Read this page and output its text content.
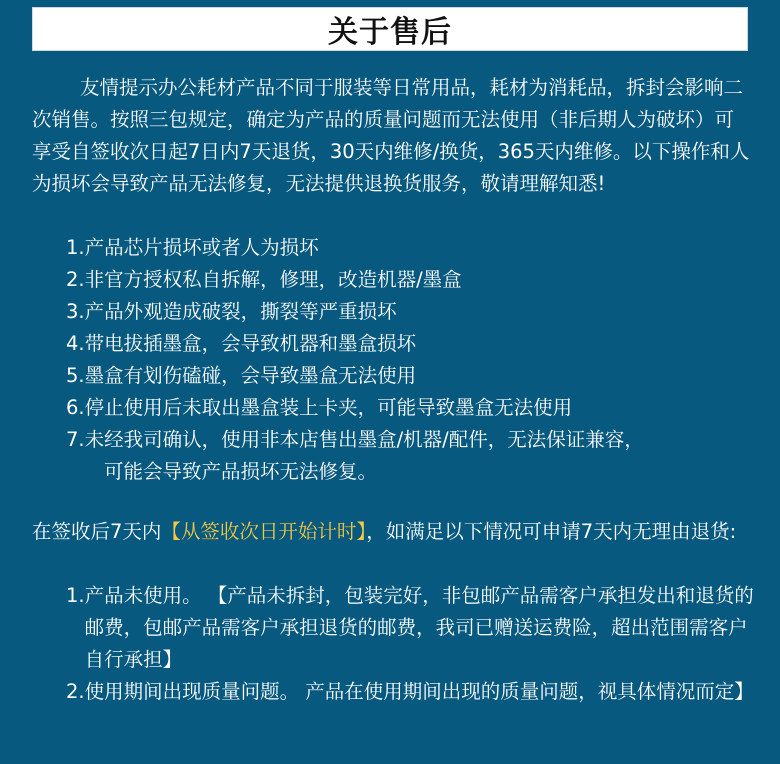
关于售后

友情提示办公耗材产品不同于服装等日常用品，耗材为消耗品，拆封会影响二次销售。按照三包规定，确定为产品的质量问题而无法使用（非后期人为破坏）可享受自签收次日起7日内7天退货，30天内维修/换货，365天内维修。以下操作和人为损坏会导致产品无法修复，无法提供退换货服务，敬请理解知悉!

1.产品芯片损坏或者人为损坏
2.非官方授权私自拆解，修理，改造机器/墨盒
3.产品外观造成破裂，撕裂等严重损坏
4.带电拔插墨盒，会导致机器和墨盒损坏
5.墨盒有划伤磕碰，会导致墨盒无法使用
6.停止使用后未取出墨盒装上卡夹，可能导致墨盒无法使用
7.未经我司确认，使用非本店售出墨盒/机器/配件，无法保证兼容，
可能会导致产品损坏无法修复。

在签收后7天内【从签收次日开始计时】，如满足以下情况可申请7天内无理由退货:

1. 产品未使用。 【产品未拆封，包装完好，非包邮产品需客户承担发出和退货的邮费，包邮产品需客户承担退货的邮费，我司已赠送运费险，超出范围需客户自行承担】
2. 使用期间出现质量问题。 产品在使用期间出现的质量问题，视具体情况而定】
